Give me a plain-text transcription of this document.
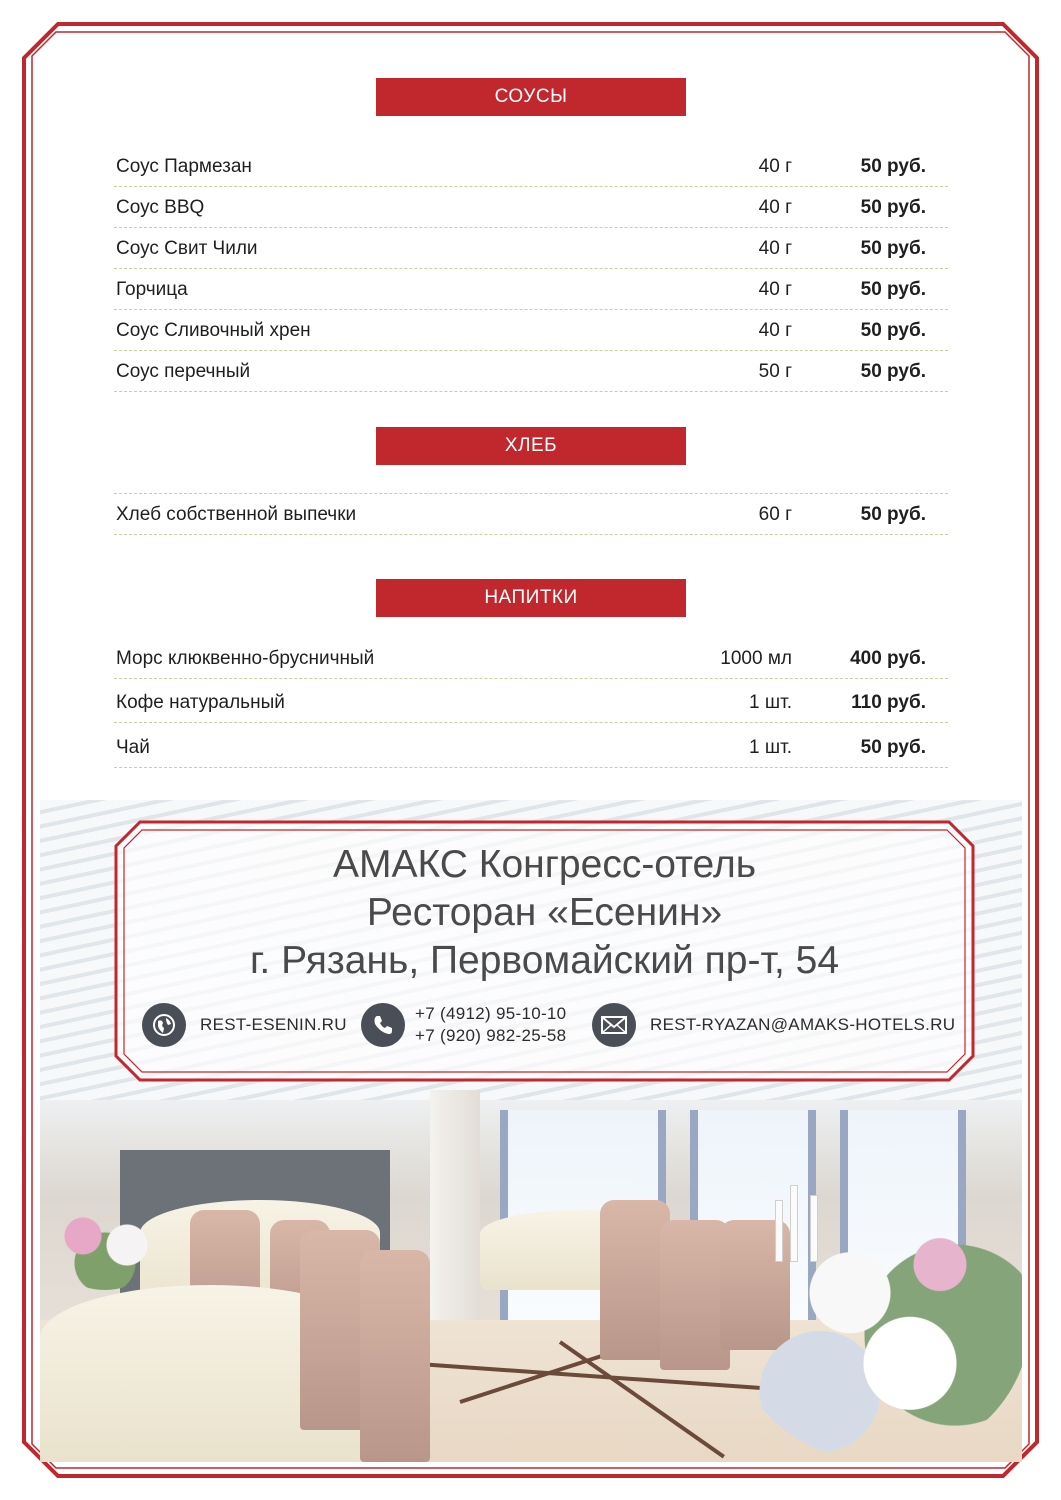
СОУСЫ
Соус Пармезан	40 г	50 руб.
Соус BBQ	40 г	50 руб.
Соус Свит Чили	40 г	50 руб.
Горчица	40 г	50 руб.
Соус Сливочный хрен	40 г	50 руб.
Соус перечный	50 г	50 руб.
ХЛЕБ
Хлеб собственной выпечки	60 г	50 руб.
НАПИТКИ
Морс клюквенно-брусничный	1000 мл	400 руб.
Кофе натуральный	1 шт.	110 руб.
Чай	1 шт.	50 руб.
АМАКС Конгресс-отель
Ресторан «Есенин»
г. Рязань, Первомайский пр-т, 54
REST-ESENIN.RU
+7 (4912) 95-10-10
+7 (920) 982-25-58
REST-RYAZAN@AMAKS-HOTELS.RU
